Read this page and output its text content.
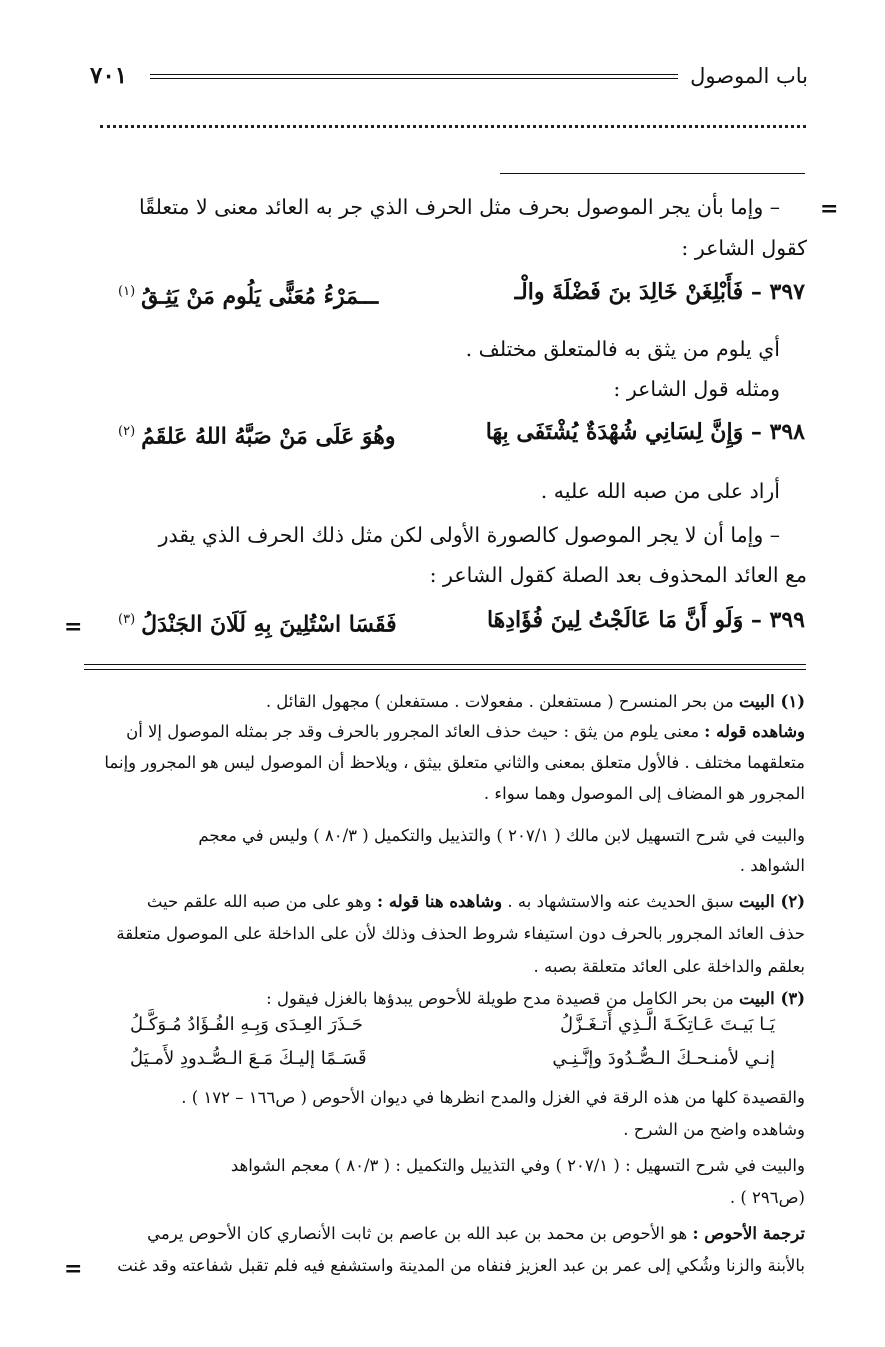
باب الموصول
٧٠١
=
=
=
– وإما بأن يجر الموصول بحرف مثل الحرف الذي جر به العائد معنى لا متعلقًا
كقول الشاعر :
٣٩٧ – فَأَبْلِغَنْ خَالِدَ بنَ فَضْلَةَ والْـ
ـــمَرْءُ مُعَنًّى يَلُوم مَنْ يَثِـقُ$^{(١)}$
أي يلوم من يثق به فالمتعلق مختلف .
ومثله قول الشاعر :
٣٩٨ – وَإِنَّ لِسَانِي شُهْدَةٌ يُشْتَفَى بِهَا
وهُوَ عَلَى مَنْ صَبَّهُ اللهُ عَلقَمُ$^{(٢)}$
أراد على من صبه الله عليه .
– وإما أن لا يجر الموصول كالصورة الأولى لكن مثل ذلك الحرف الذي يقدر
مع العائد المحذوف بعد الصلة كقول الشاعر :
٣٩٩ – وَلَو أَنَّ مَا عَالَجْتُ لِينَ فُؤَادِهَا
فَقَسَا اسْتُلِينَ بِهِ لَلَانَ الجَنْدَلُ$^{(٣)}$
(١) البيت من بحر المنسرح ( مستفعلن . مفعولات . مستفعلن ) مجهول القائل .
وشاهده قوله : معنى يلوم من يثق : حيث حذف العائد المجرور بالحرف وقد جر بمثله الموصول إلا أن
متعلقهما مختلف . فالأول متعلق بمعنى والثاني متعلق بيثق ، ويلاحظ أن الموصول ليس هو المجرور وإنما
المجرور هو المضاف إلى الموصول وهما سواء .
والبيت في شرح التسهيل لابن مالك ( ٢٠٧/١ ) والتذييل والتكميل ( ٨٠/٣ ) وليس في معجم
الشواهد .
(٢) البيت سبق الحديث عنه والاستشهاد به . وشاهده هنا قوله : وهو على من صبه الله علقم حيث
حذف العائد المجرور بالحرف دون استيفاء شروط الحذف وذلك لأن على الداخلة على الموصول متعلقة
بعلقم والداخلة على العائد متعلقة بصبه .
(٣) البيت من بحر الكامل من قصيدة مدح طويلة للأحوص يبدؤها بالغزل فيقول :
يَـا بَيـتَ عَـاتِكَـةَ الَّـذِي أَتـغَـزَّلُ
حَـذَرَ العِـدَى وَبِـهِ الفُـؤَادُ مُـوَكَّـلُ
إنـي لأمنـحـكَ الـصُّـدُودَ وإنَّـنِـي
قَسَـمًا إليـكَ مَـعَ الـصُّـدودِ لأَمـيَلُ
والقصيدة كلها من هذه الرقة في الغزل والمدح انظرها في ديوان الأحوص ( ص١٦٦ – ١٧٢ ) .
وشاهده واضح من الشرح .
والبيت في شرح التسهيل : ( ٢٠٧/١ ) وفي التذييل والتكميل : ( ٨٠/٣ ) معجم الشواهد
(ص٢٩٦ ) .
ترجمة الأحوص : هو الأحوص بن محمد بن عبد الله بن عاصم بن ثابت الأنصاري كان الأحوص يرمي
بالأبنة والزنا وشُكي إلى عمر بن عبد العزيز فنفاه من المدينة واستشفع فيه فلم تقبل شفاعته وقد غنت
